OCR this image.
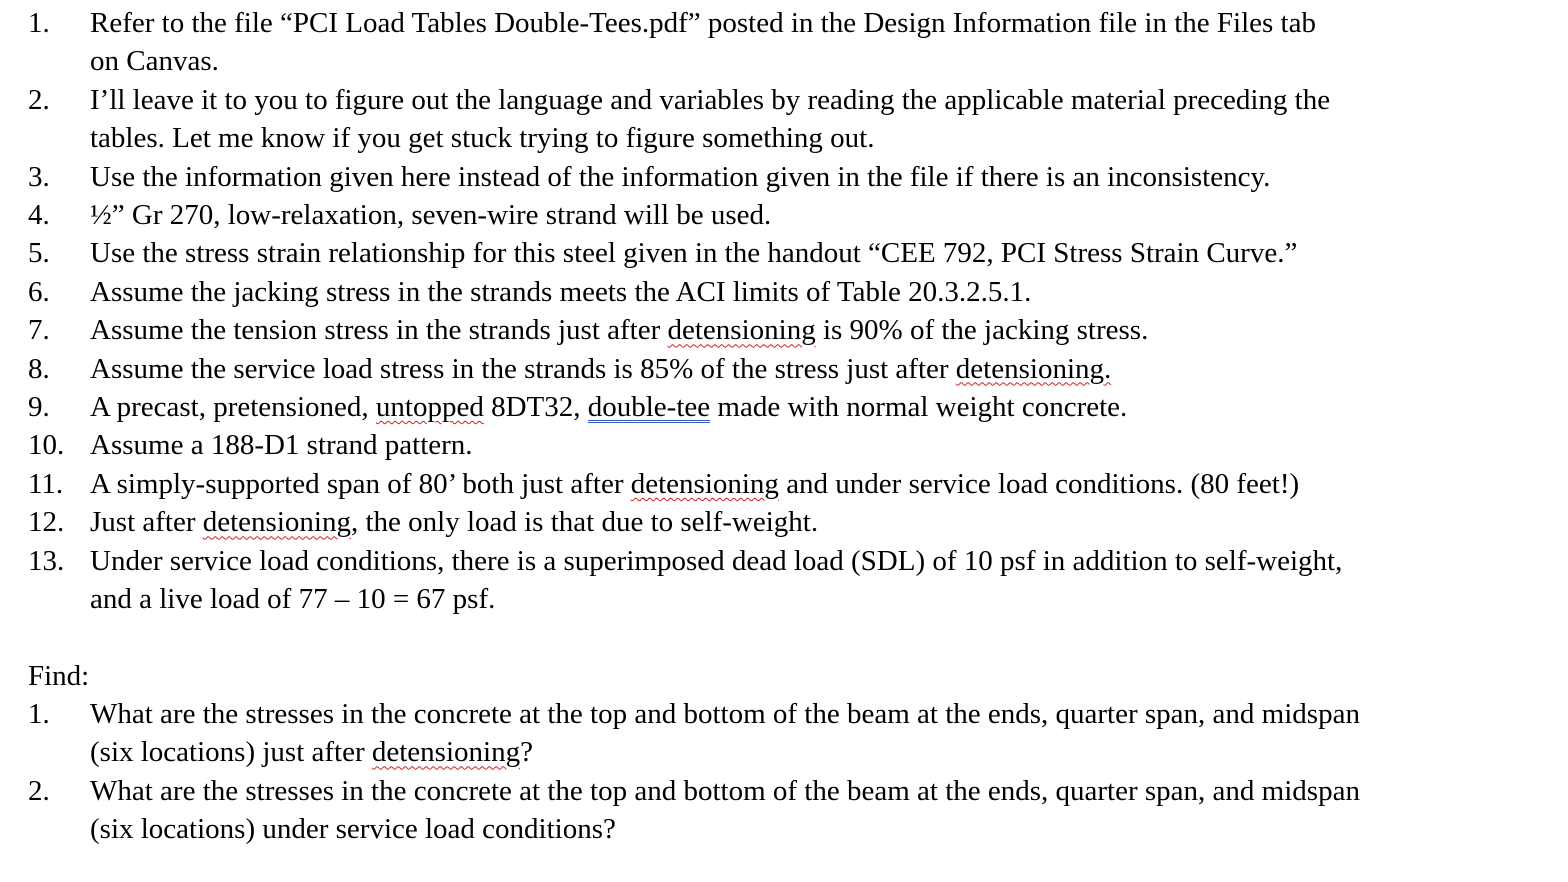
1.	Refer to the file “PCI Load Tables Double-Tees.pdf” posted in the Design Information file in the Files tab
on Canvas.
2.	I’ll leave it to you to figure out the language and variables by reading the applicable material preceding the
tables. Let me know if you get stuck trying to figure something out.
3.	Use the information given here instead of the information given in the file if there is an inconsistency.
4.	½” Gr 270, low-relaxation, seven-wire strand will be used.
5.	Use the stress strain relationship for this steel given in the handout “CEE 792, PCI Stress Strain Curve.”
6.	Assume the jacking stress in the strands meets the ACI limits of Table 20.3.2.5.1.
7.	Assume the tension stress in the strands just after detensioning is 90% of the jacking stress.
8.	Assume the service load stress in the strands is 85% of the stress just after detensioning.
9.	A precast, pretensioned, untopped 8DT32, double-tee made with normal weight concrete.
10. Assume a 188-D1 strand pattern.
11. A simply-supported span of 80’ both just after detensioning and under service load conditions. (80 feet!)
12. Just after detensioning, the only load is that due to self-weight.
13. Under service load conditions, there is a superimposed dead load (SDL) of 10 psf in addition to self-weight,
and a live load of 77 – 10 = 67 psf.
Find:
1.	What are the stresses in the concrete at the top and bottom of the beam at the ends, quarter span, and midspan
(six locations) just after detensioning?
2.	What are the stresses in the concrete at the top and bottom of the beam at the ends, quarter span, and midspan
(six locations) under service load conditions?
